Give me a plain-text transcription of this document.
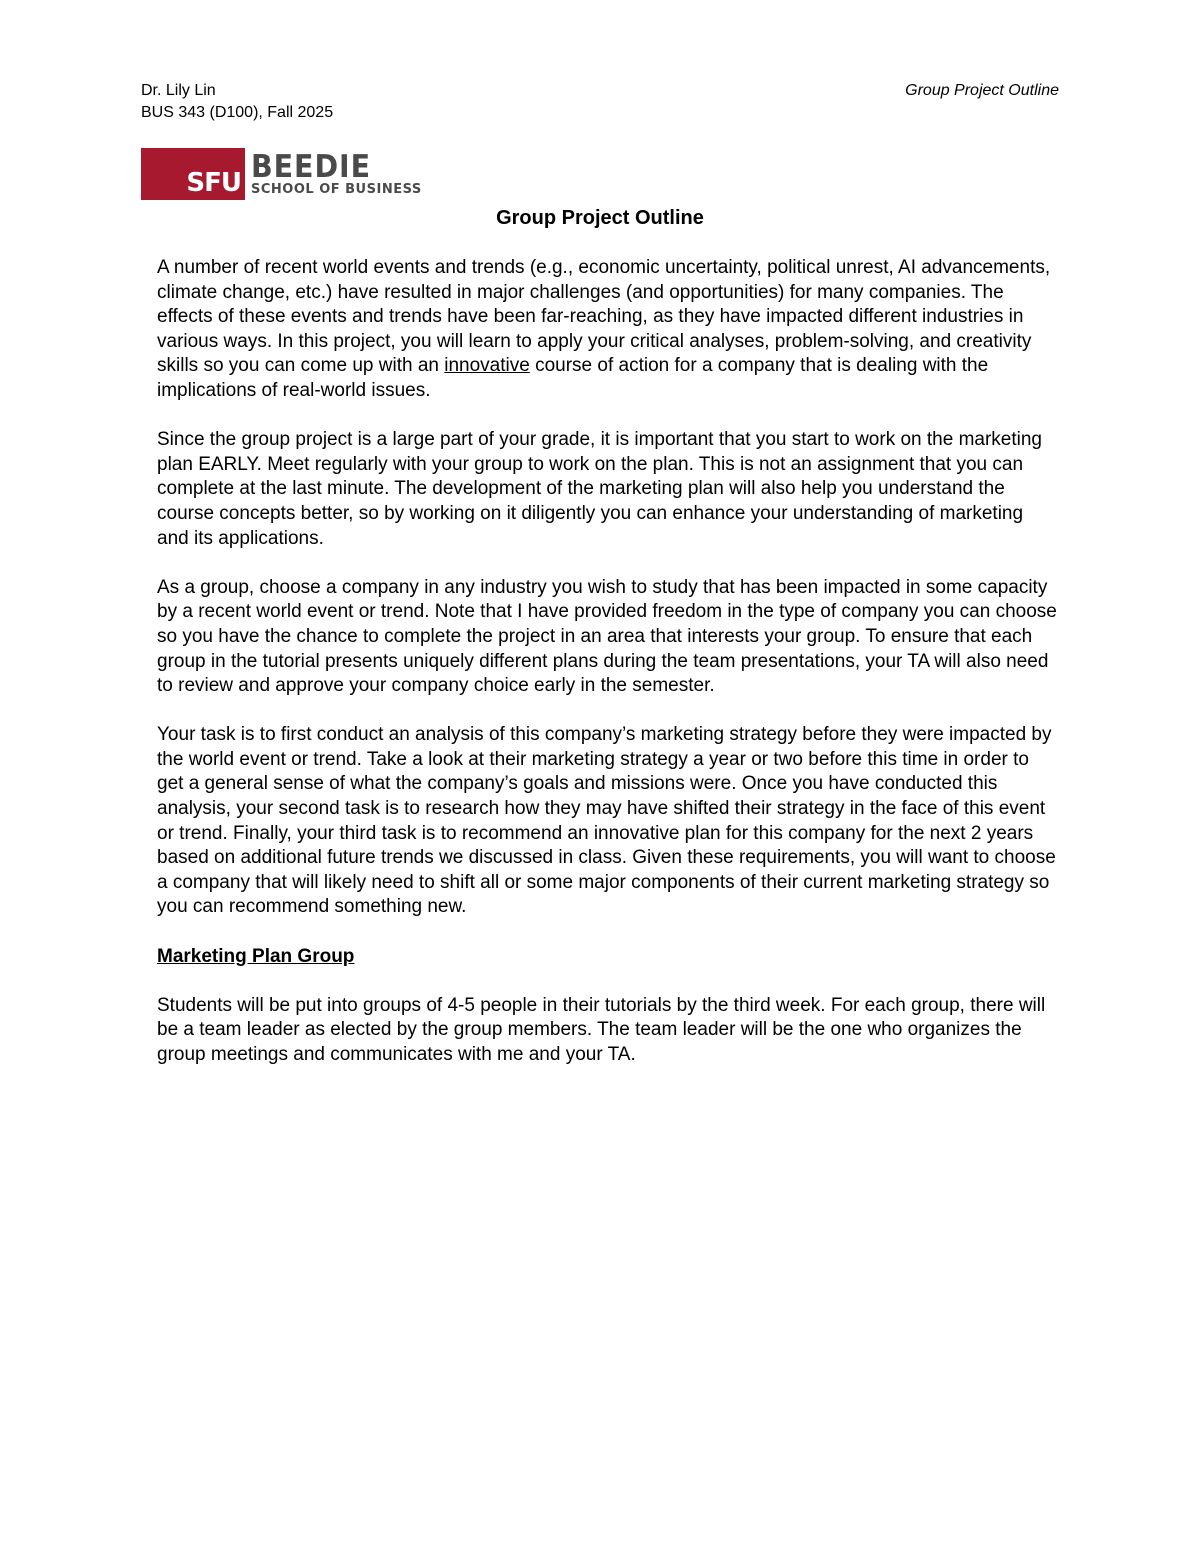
Dr. Lily Lin
BUS 343 (D100), Fall 2025
Group Project Outline
SFU BEEDIE
SCHOOL OF BUSINESS
Group Project Outline

A number of recent world events and trends (e.g., economic uncertainty, political unrest, AI advancements, climate change, etc.) have resulted in major challenges (and opportunities) for many companies. The effects of these events and trends have been far-reaching, as they have impacted different industries in various ways. In this project, you will learn to apply your critical analyses, problem-solving, and creativity skills so you can come up with an innovative course of action for a company that is dealing with the implications of real-world issues.

Since the group project is a large part of your grade, it is important that you start to work on the marketing plan EARLY. Meet regularly with your group to work on the plan. This is not an assignment that you can complete at the last minute. The development of the marketing plan will also help you understand the course concepts better, so by working on it diligently you can enhance your understanding of marketing and its applications.

As a group, choose a company in any industry you wish to study that has been impacted in some capacity by a recent world event or trend. Note that I have provided freedom in the type of company you can choose so you have the chance to complete the project in an area that interests your group. To ensure that each group in the tutorial presents uniquely different plans during the team presentations, your TA will also need to review and approve your company choice early in the semester.

Your task is to first conduct an analysis of this company’s marketing strategy before they were impacted by the world event or trend. Take a look at their marketing strategy a year or two before this time in order to get a general sense of what the company’s goals and missions were. Once you have conducted this analysis, your second task is to research how they may have shifted their strategy in the face of this event or trend. Finally, your third task is to recommend an innovative plan for this company for the next 2 years based on additional future trends we discussed in class. Given these requirements, you will want to choose a company that will likely need to shift all or some major components of their current marketing strategy so you can recommend something new.

Marketing Plan Group

Students will be put into groups of 4-5 people in their tutorials by the third week. For each group, there will be a team leader as elected by the group members. The team leader will be the one who organizes the group meetings and communicates with me and your TA.
